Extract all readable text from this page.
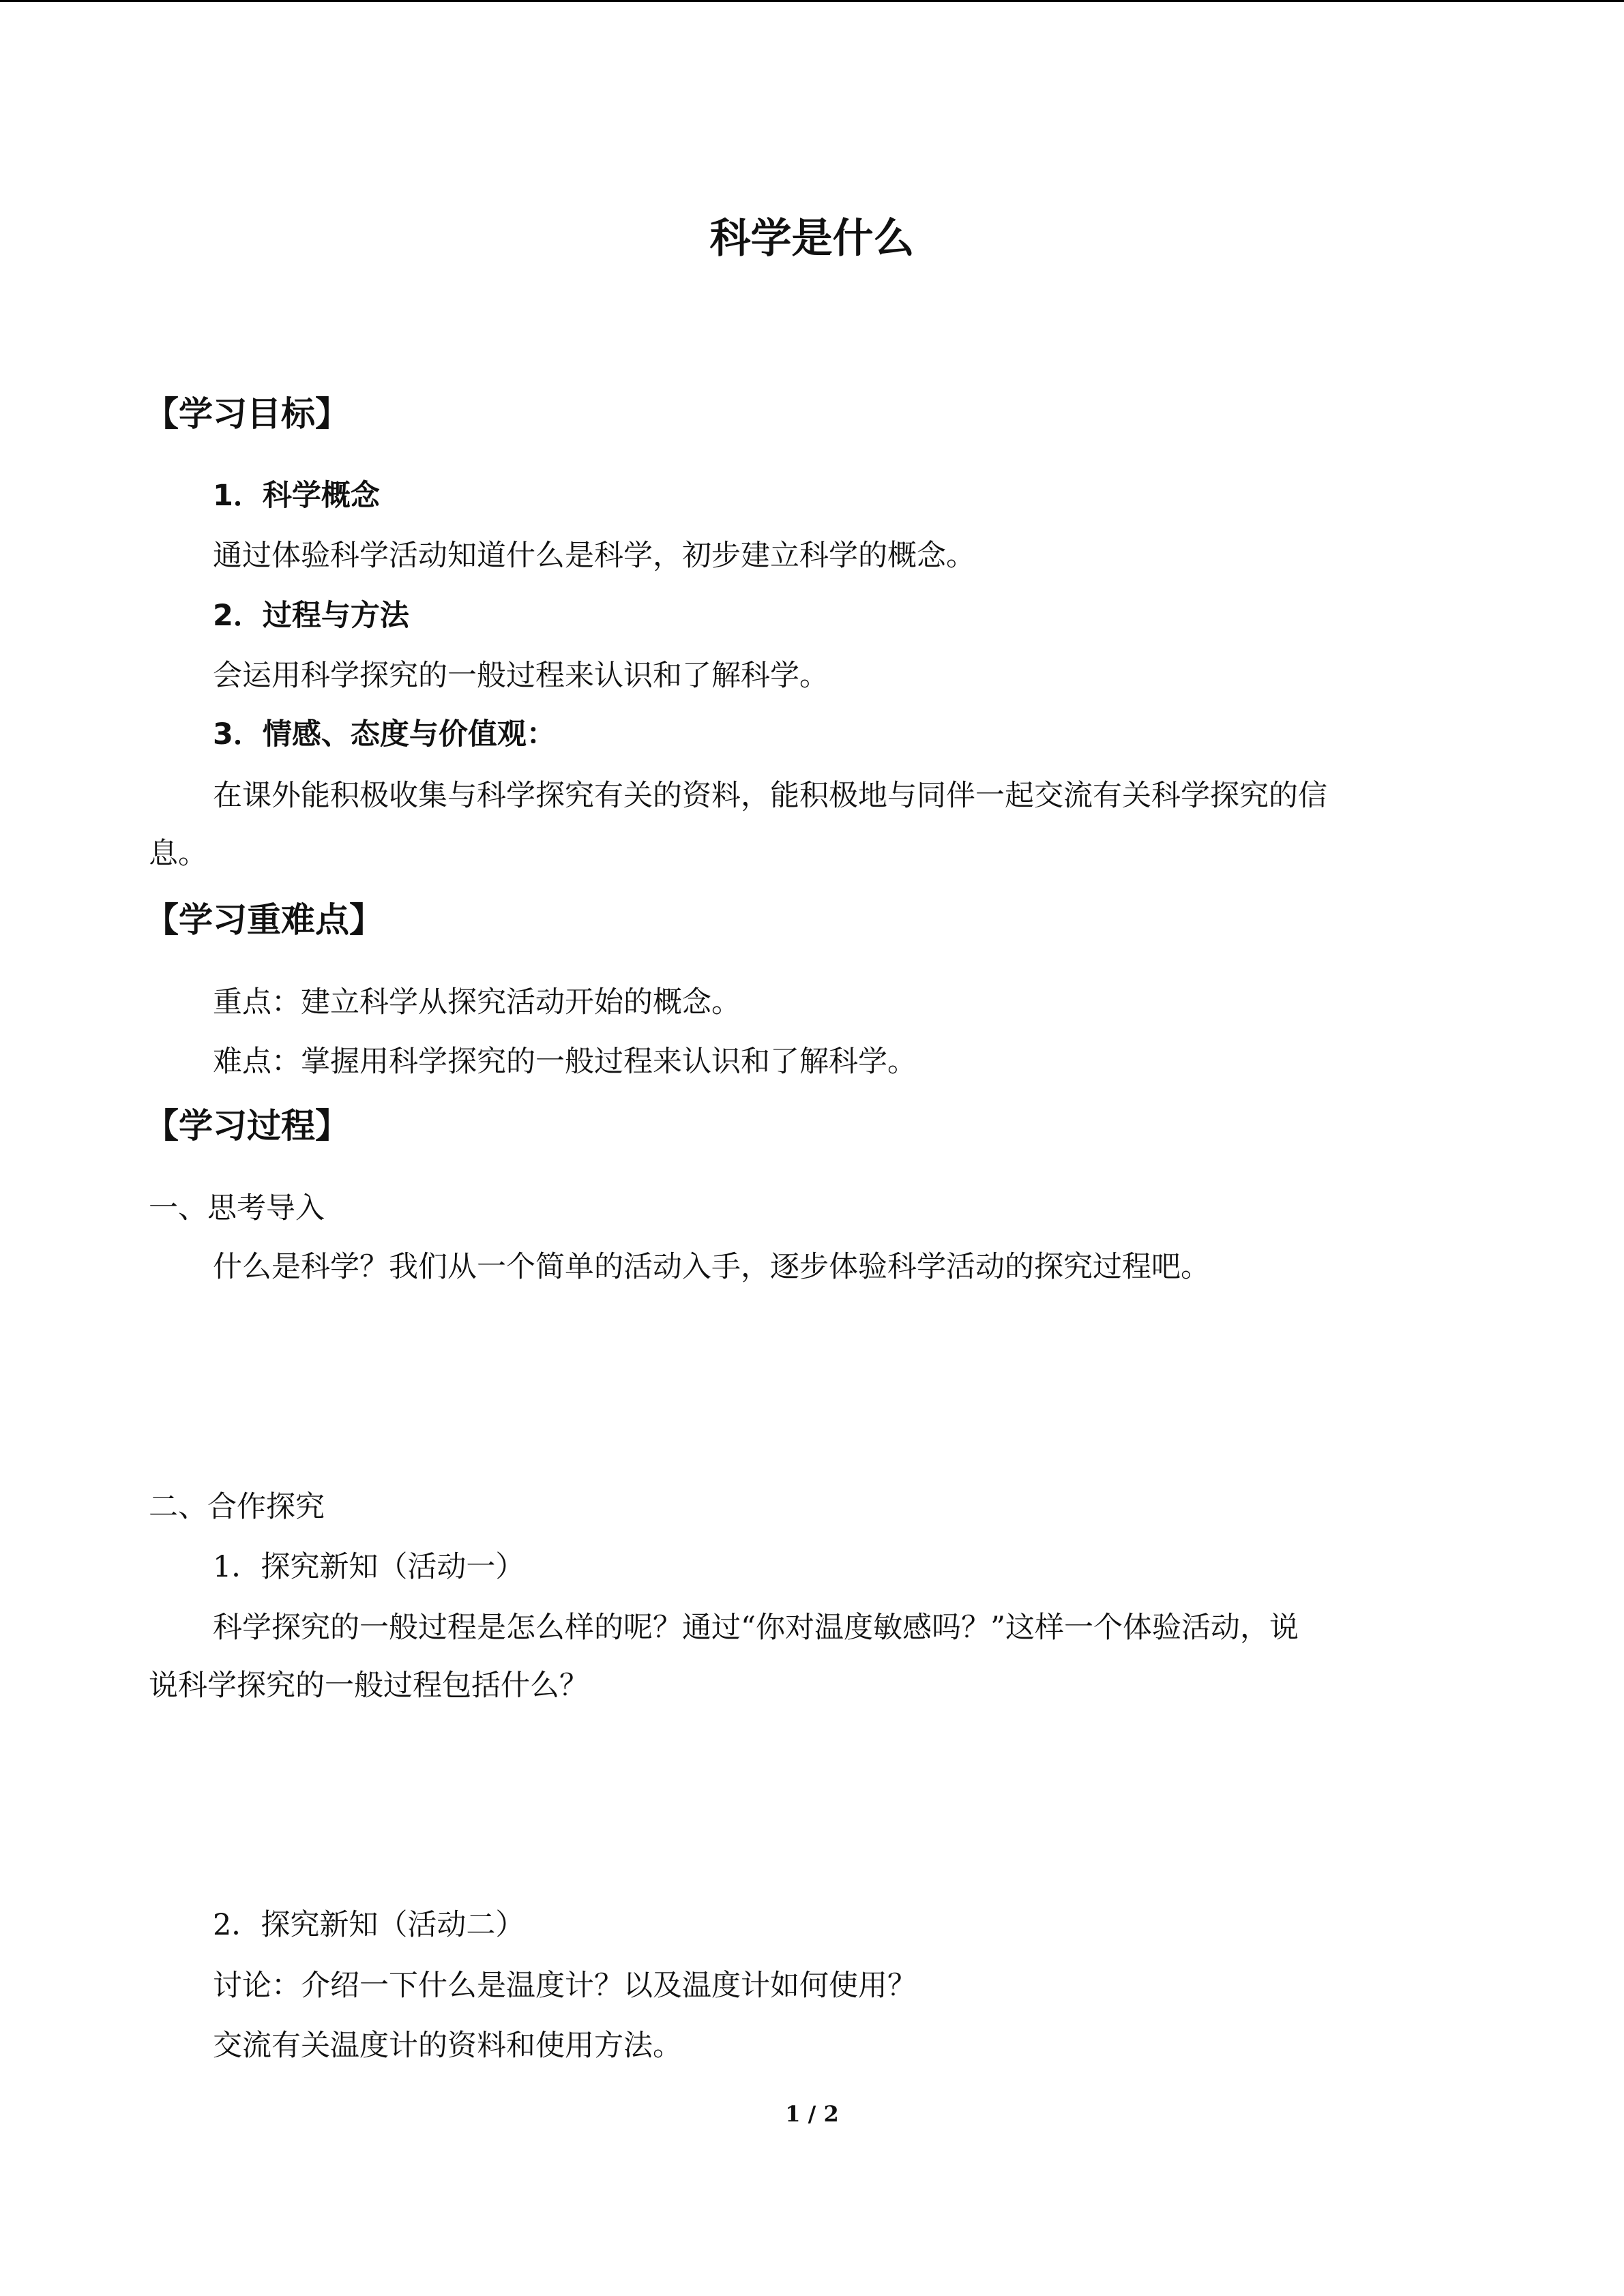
科学是什么
【学习目标】
1．科学概念
通过体验科学活动知道什么是科学，初步建立科学的概念。
2．过程与方法
会运用科学探究的一般过程来认识和了解科学。
3．情感、态度与价值观：
在课外能积极收集与科学探究有关的资料，能积极地与同伴一起交流有关科学探究的信
息。
【学习重难点】
重点：建立科学从探究活动开始的概念。
难点：掌握用科学探究的一般过程来认识和了解科学。
【学习过程】
一、思考导入
什么是科学？我们从一个简单的活动入手，逐步体验科学活动的探究过程吧。
二、合作探究
1．探究新知（活动一）
科学探究的一般过程是怎么样的呢？通过“你对温度敏感吗？”这样一个体验活动，说
说科学探究的一般过程包括什么？
2．探究新知（活动二）
讨论：介绍一下什么是温度计？以及温度计如何使用？
交流有关温度计的资料和使用方法。
1 / 2
